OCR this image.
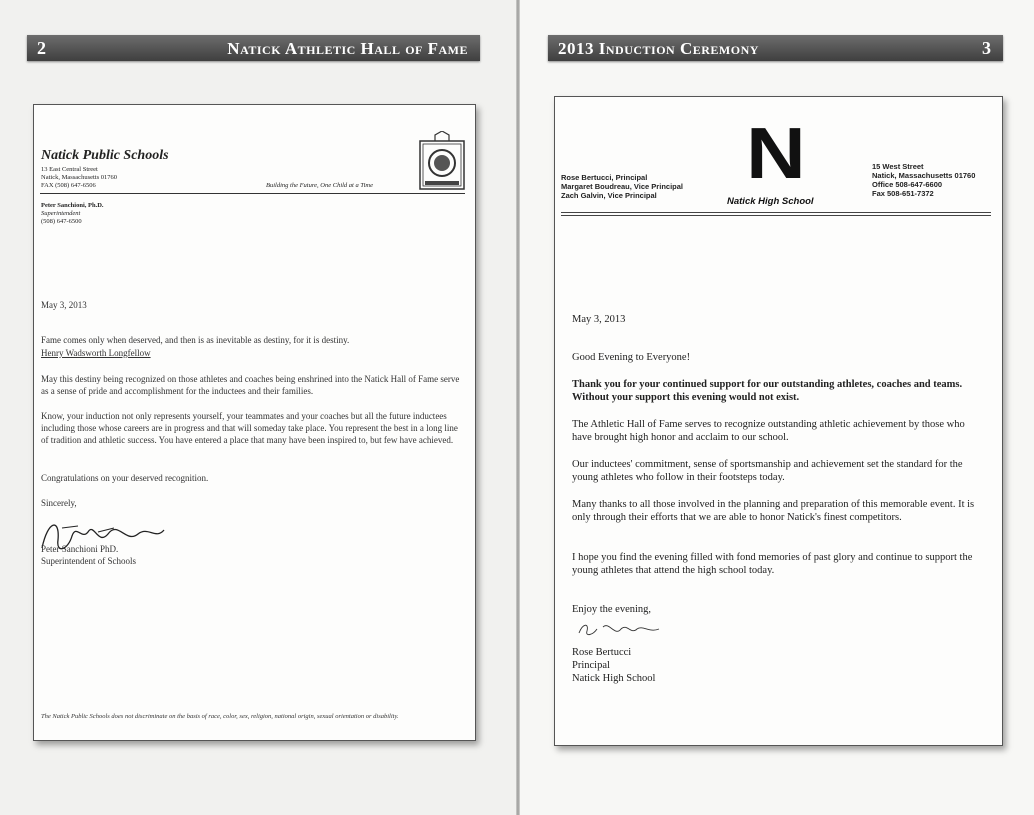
2	Natick Athletic Hall of Fame
Natick Public Schools
13 East Central Street
Natick, Massachusetts 01760
FAX (508) 647-6506	Building the Future, One Child at a Time
Peter Sanchioni, Ph.D.
Superintendent
(508) 647-6500
May 3, 2013
Fame comes only when deserved, and then is as inevitable as destiny, for it is destiny.
Henry Wadsworth Longfellow
May this destiny being recognized on those athletes and coaches being enshrined into the Natick Hall of Fame serve as a sense of pride and accomplishment for the inductees and their families.
Know, your induction not only represents yourself, your teammates and your coaches but all the future inductees including those whose careers are in progress and that will someday take place. You represent the best in a long line of tradition and athletic success. You have entered a place that many have been inspired to, but few have achieved.
Congratulations on your deserved recognition.
Sincerely,
Peter Sanchioni PhD.
Superintendent of Schools
The Natick Public Schools does not discriminate on the basis of race, color, sex, religion, national origin, sexual orientation or disability.
2013 Induction Ceremony	3
Rose Bertucci, Principal
Margaret Boudreau, Vice Principal
Zach Galvin, Vice Principal
N
Natick High School
15 West Street
Natick, Massachusetts 01760
Office 508-647-6600
Fax 508-651-7372
May 3, 2013
Good Evening to Everyone!
Thank you for your continued support for our outstanding athletes, coaches and teams. Without your support this evening would not exist.
The Athletic Hall of Fame serves to recognize outstanding athletic achievement by those who have brought high honor and acclaim to our school.
Our inductees' commitment, sense of sportsmanship and achievement set the standard for the young athletes who follow in their footsteps today.
Many thanks to all those involved in the planning and preparation of this memorable event. It is only through their efforts that we are able to honor Natick's finest competitors.
I hope you find the evening filled with fond memories of past glory and continue to support the young athletes that attend the high school today.
Enjoy the evening,
Rose Bertucci
Principal
Natick High School
